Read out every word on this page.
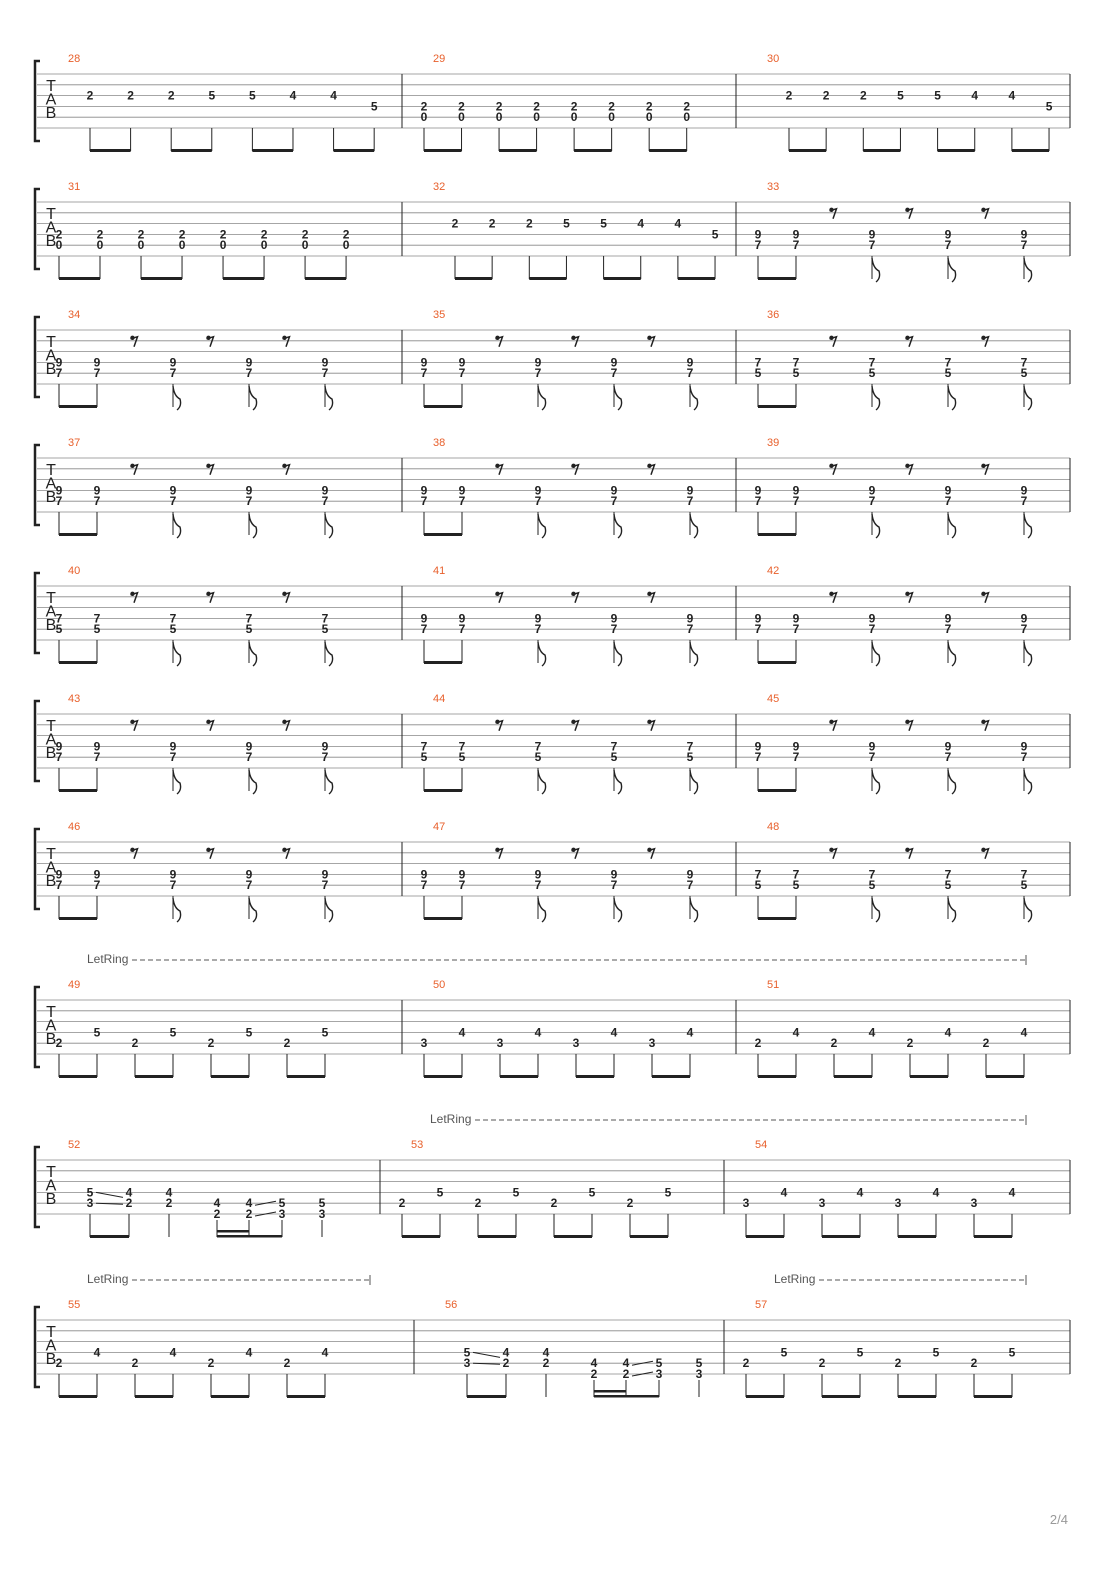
T
A
B
28
2	2	2	5	5	4	4
5
29
2
0
2
0
2
0
2
0
2
0
2
0
2
0
2
0
30
2	2	2	5	5	4	4
5
T
A
B
31
2
0
2
0
2
0
2
0
2
0
2
0
2
0
2
0
32
2	2	2	5	5	4	4
5
33
9
7
9
7
9
7
9
7
9
7
T
A
B
34
9
7
9
7
9
7
9
7
9
7
35
9
7
9
7
9
7
9
7
9
7
36
7
5
7
5
7
5
7
5
7
5
T
A
B
37
9
7
9
7
9
7
9
7
9
7
38
9
7
9
7
9
7
9
7
9
7
39
9
7
9
7
9
7
9
7
9
7
T
A
B
40
7
5
7
5
7
5
7
5
7
5
41
9
7
9
7
9
7
9
7
9
7
42
9
7
9
7
9
7
9
7
9
7
T
A
B
43
9
7
9
7
9
7
9
7
9
7
44
7
5
7
5
7
5
7
5
7
5
45
9
7
9
7
9
7
9
7
9
7
T
A
B
46
9
7
9
7
9
7
9
7
9
7
47
9
7
9
7
9
7
9
7
9
7
48
7
5
7
5
7
5
7
5
7
5
T
A
B
49
2
5
2
5
2
5
2
5
50
3
4
3
4
3
4
3
4
51
2
4
2
4
2
4
2
4
LetRing
T
A
B
52
5
3
4
2
4
2	4
2
4
2
5
3
5
3
53
2
5
2
5
2
5
2
5
54
3
4
3
4
3
4
3
4
LetRing
T
A
B
55
2
4
2
4
2
4
2
4
56
5
3
4
2
4
2	4
2
4
2
5
3
5
3
57
2
5
2
5
2
5
2
5
LetRing	LetRing
2/4
